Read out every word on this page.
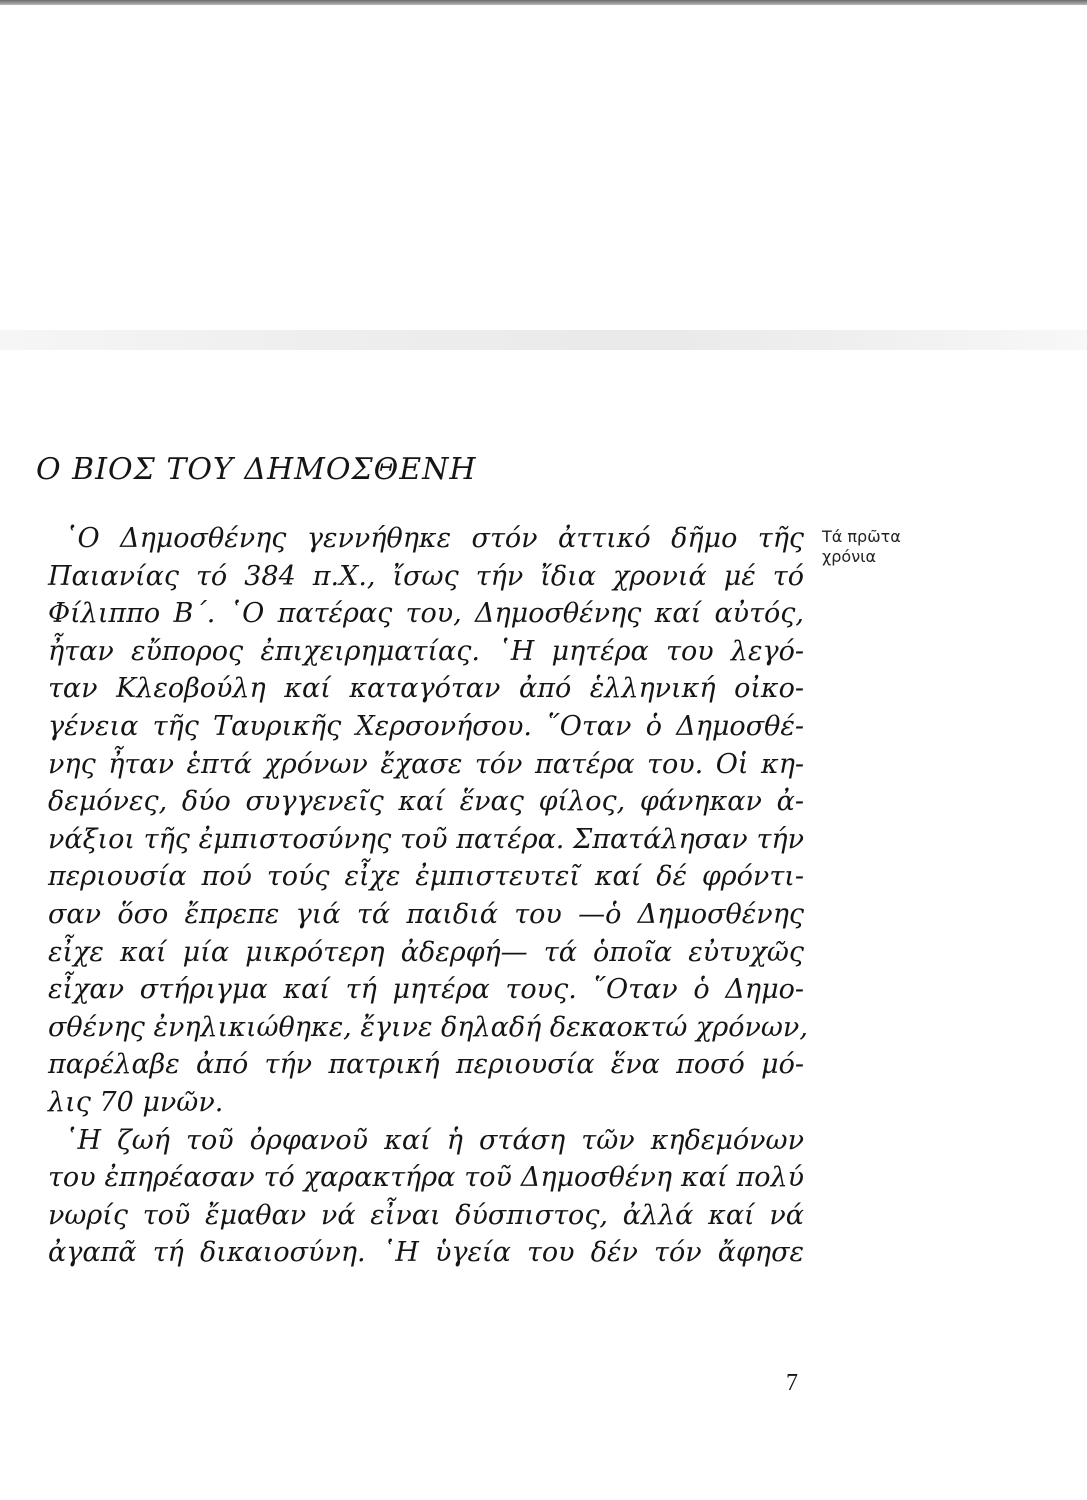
Ο ΒΙΟΣ ΤΟΥ ΔΗΜΟΣΘΕΝΗ
῾Ο Δημοσθένης γεννήθηκε στόν ἀττικό δῆμο τῆς
Παιανίας τό 384 π.Χ., ἴσως τήν ἴδια χρονιά μέ τό
Φίλιππο Β΄. ῾Ο πατέρας του, Δημοσθένης καί αὐτός,
ἦταν εὔπορος ἐπιχειρηματίας. ῾Η μητέρα του λεγό-
ταν Κλεοβούλη καί καταγόταν ἀπό ἑλληνική οἰκο-
γένεια τῆς Ταυρικῆς Χερσονήσου. ῞Οταν ὁ Δημοσθέ-
νης ἦταν ἑπτά χρόνων ἔχασε τόν πατέρα του. Οἱ κη-
δεμόνες, δύο συγγενεῖς καί ἕνας φίλος, φάνηκαν ἀ-
νάξιοι τῆς ἐμπιστοσύνης τοῦ πατέρα. Σπατάλησαν τήν
περιουσία πού τούς εἶχε ἐμπιστευτεῖ καί δέ φρόντι-
σαν ὅσο ἔπρεπε γιά τά παιδιά του —ὁ Δημοσθένης
εἶχε καί μία μικρότερη ἀδερφή— τά ὁποῖα εὐτυχῶς
εἶχαν στήριγμα καί τή μητέρα τους. ῞Οταν ὁ Δημο-
σθένης ἐνηλικιώθηκε, ἔγινε δηλαδή δεκαοκτώ χρόνων,
παρέλαβε ἀπό τήν πατρική περιουσία ἕνα ποσό μό-
λις 70 μνῶν.
῾Η ζωή τοῦ ὀρφανοῦ καί ἡ στάση τῶν κηδεμόνων
του ἐπηρέασαν τό χαρακτήρα τοῦ Δημοσθένη καί πολύ
νωρίς τοῦ ἔμαθαν νά εἶναι δύσπιστος, ἀλλά καί νά
ἀγαπᾶ τή δικαιοσύνη. ῾Η ὑγεία του δέν τόν ἄφησε
Τά πρῶτα
χρόνια
7
